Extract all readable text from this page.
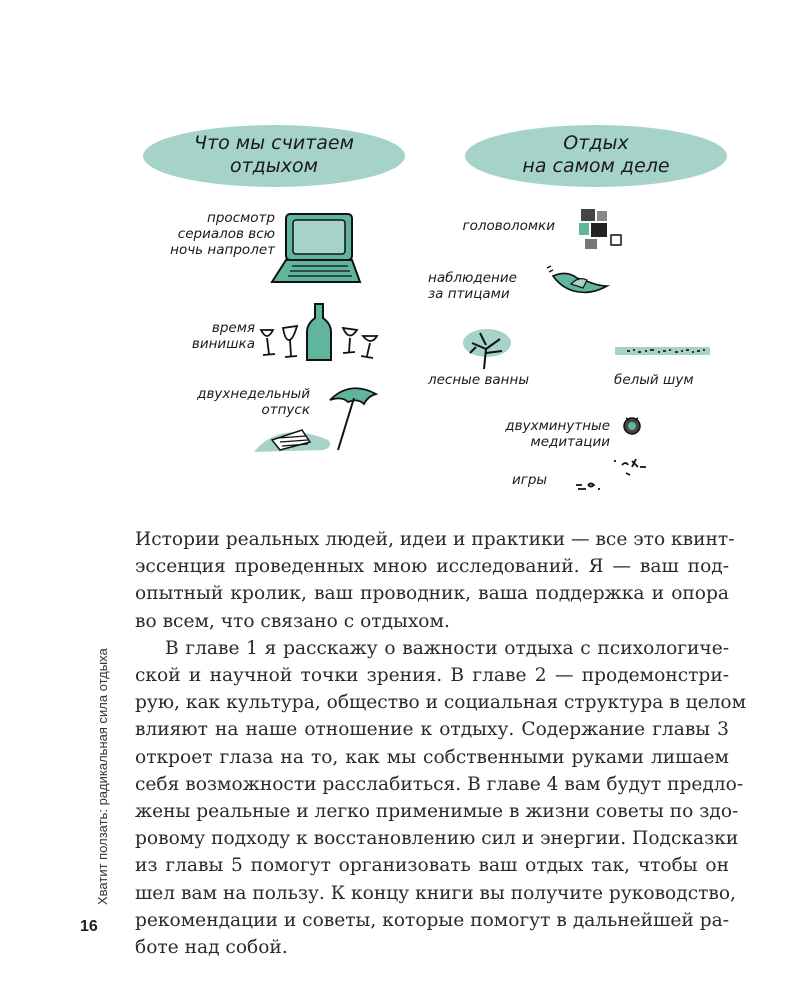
Что мы считаем
отдыхом
Отдых
на самом деле
просмотр
сериалов всю
ночь напролет
время
винишка
двухнедельный
отпуск
головоломки
наблюдение
за птицами
лесные ванны	белый шум
двухминутные
медитации
игры
Истории реальных людей, идеи и практики — все это квинт-
эссенция проведенных мною исследований. Я — ваш под-
опытный кролик, ваш проводник, ваша поддержка и опора
во всем, что связано с отдыхом.
В главе 1 я расскажу о важности отдыха с психологиче-
ской и научной точки зрения. В главе 2 — продемонстри-
рую, как культура, общество и социальная структура в целом
влияют на наше отношение к отдыху. Содержание главы 3
откроет глаза на то, как мы собственными руками лишаем
себя возможности расслабиться. В главе 4 вам будут предло-
жены реальные и легко применимые в жизни советы по здо-
ровому подходу к восстановлению сил и энергии. Подсказки
из главы 5 помогут организовать ваш отдых так, чтобы он
шел вам на пользу. К концу книги вы получите руководство,
рекомендации и советы, которые помогут в дальнейшей ра-
боте над собой.
Хватит ползать: радикальная сила отдыха
16
